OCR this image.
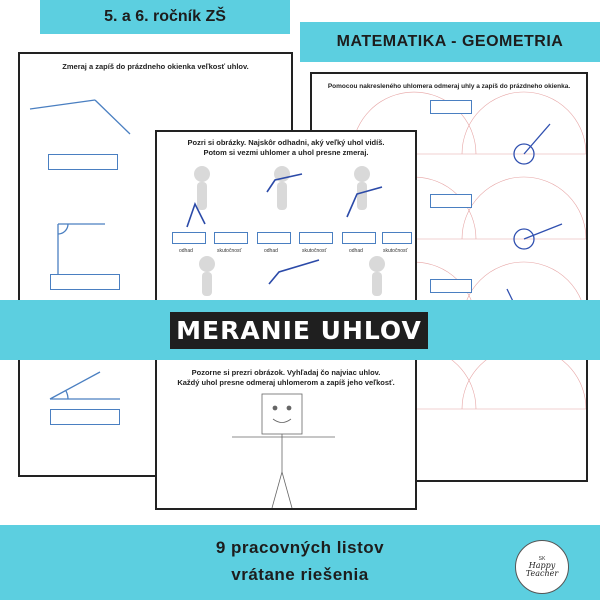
5. a 6. ročník ZŠ
MATEMATIKA - GEOMETRIA
Zmeraj a zapíš do prázdneho okienka veľkosť uhlov.
Pomocou nakresleného uhlomera odmeraj uhly a zapíš do prázdneho okienka.
Pozri si obrázky. Najskôr odhadni, aký veľký uhol vidíš.
Potom si vezmi uhlomer a uhol presne zmeraj.
odhad	skutočnosť	odhad	skutočnosť	odhad	skutočnosť
Pozorne si prezri obrázok. Vyhľadaj čo najviac uhlov.
Každý uhol presne odmeraj uhlomerom a zapíš jeho veľkosť.
MERANIE UHLOV
9 pracovných listov
vrátane riešenia
SK
Happy Teacher
